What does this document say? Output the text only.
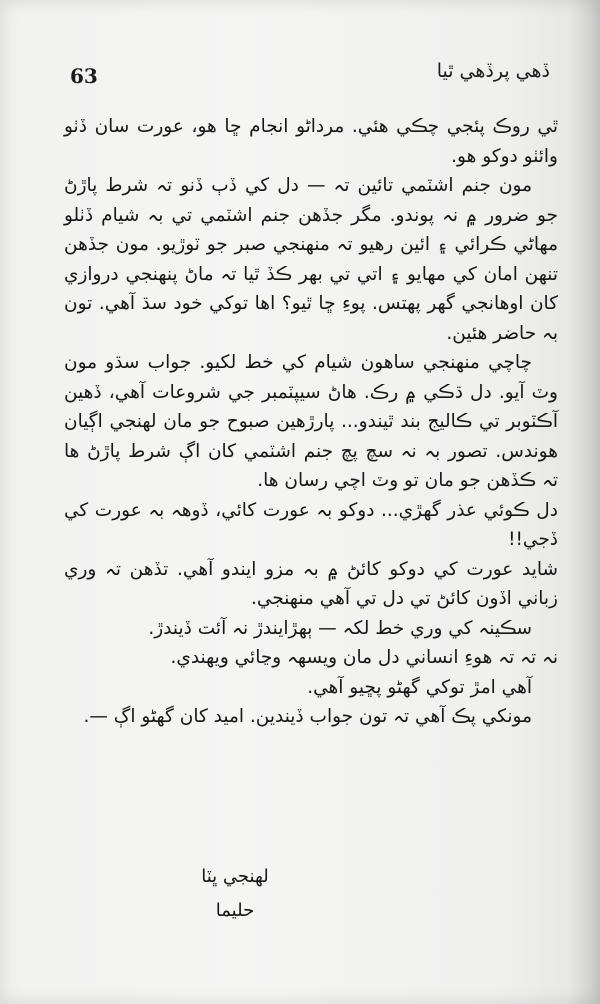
63	ڏهي پرڏهي ٿيا

ٿي روڪ پئجي چڪي هئي. مرداڻو انجام ڇا هو، عورت سان ڏٺو وائٺو دوکو هو.

مون جنم اشٽمي تائين تہ — دل کي ڏٻ ڏنو تہ شرط پاڙڻ جو ضرور ۾ نہ پوندو. مگر جڏهن جنم اشٽمي تي بہ شيام ڏٺلو مهاڻي ڪرائي ۽ ائين رهيو تہ منهنجي صبر جو ٽوڙيو. مون جڏهن تنهن امان کي مهايو ۽ اتي تي بهر ڪڏ ٿيا تہ ماڻ پنهنجي دروازي کان اوهانجي گهر پهتس. پوءِ ڇا ٿيو؟ اها توکي خود سڌ آهي. تون بہ حاضر هئين.

چاچي منهنجي ساهون شيام کي خط لکيو. جواب سڌو مون وٽ آيو. دل ڌڪي ۾ رڪ. هاڻ سيپٽمبر جي شروعات آهي، ڏهين آڪٽوبر تي ڪاليج بند ٿيندو... پارڙهين صبوح جو مان لهنجي اڳيان هوندس. تصور بہ نہ سچ پچ جنم اشٽمي کان اڳ شرط پاڙڻ ها تہ ڪڏهن جو مان تو وٽ اچي رسان ها.

دل ڪوئي عذر گهڙي... دوکو بہ عورت کائي، ڏوهہ بہ عورت کي ڏجي!!

شايد عورت کي دوکو کائڻ ۾ بہ مزو ايندو آهي. تڏهن تہ وري زباني اڏون کائڻ تي دل تي آهي منهنجي.

سڪينہ کي وري خط لکہ — ٻهڙايندڙ نہ آئت ڏيندڙ.

نہ تہ تہ هوءِ انساني دل مان ويسهہ وڃائي ويهندي.

آهي امڙ توکي گهڻو پڇيو آهي.

مونکي پڪ آهي تہ تون جواب ڏيندين. اميد کان گهڻو اڳ —.

لهنجي ڀٽا
حليما
